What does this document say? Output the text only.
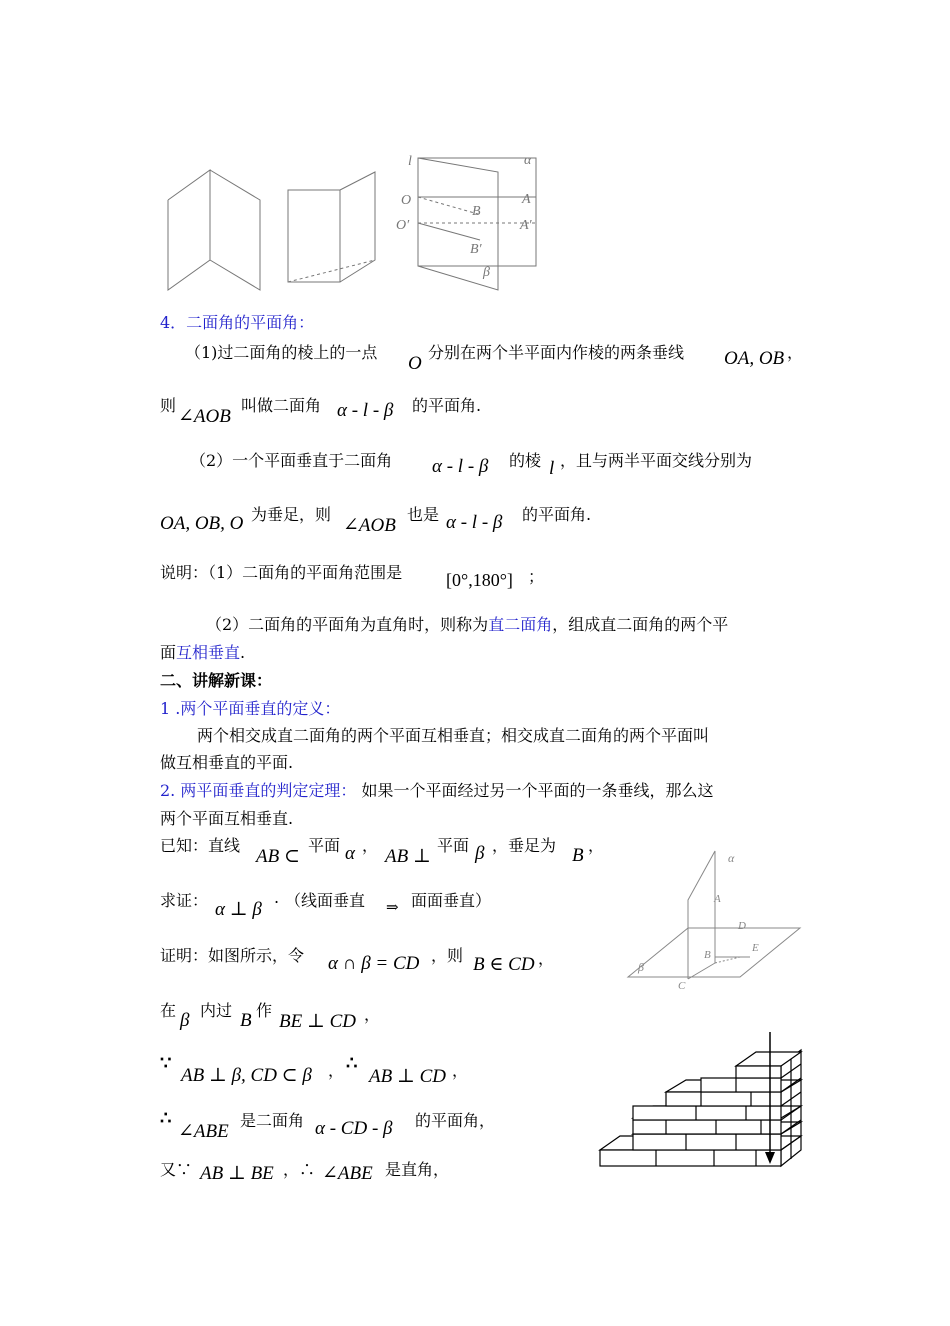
l	α
O
O′
A
A′
B
B′
β
4．二面角的平面角：
（1)过二面角的棱上的一点
O
分别在两个半平面内作棱的两条垂线 OA, OB ，
则
∠AOB
叫做二面角 α - l - β 的平面角.
（2）一个平面垂直于二面角 α - l - β 的棱 l ，且与两半平面交线分别为
OA, OB, O 为垂足，则
∠AOB
也是 α - l - β 的平面角.
说明：（1）二面角的平面角范围是 [0°,180°] ；
（2）二面角的平面角为直角时，则称为直二面角，组成直二面角的两个平
面互相垂直.
二、讲解新课：
1 .两个平面垂直的定义：
两个相交成直二面角的两个平面互相垂直；相交成直二面角的两个平面叫
做互相垂直的平面.
2. 两平面垂直的判定定理： 如果一个平面经过另一个平面的一条垂线，那么这
两个平面互相垂直.
已知：直线
AB ⊂
平面 α ，
AB ⊥
平面 β ，垂足为 B ，
求证： α ⊥ β
. （线面垂直 ⇒ 面面垂直）
证明：如图所示，令 α ∩ β = CD ，则 B ∈ CD ，
在 β 内过 B 作
BE ⊥ CD ，
∵
AB ⊥ β, CD ⊂ β ， ∴
AB ⊥ CD ，
∴
∠ABE
是二面角 α - CD - β 的平面角，
又∵ AB ⊥ BE ，∴ ∠ABE 是直角，
α
A
D
E
B
β
C
